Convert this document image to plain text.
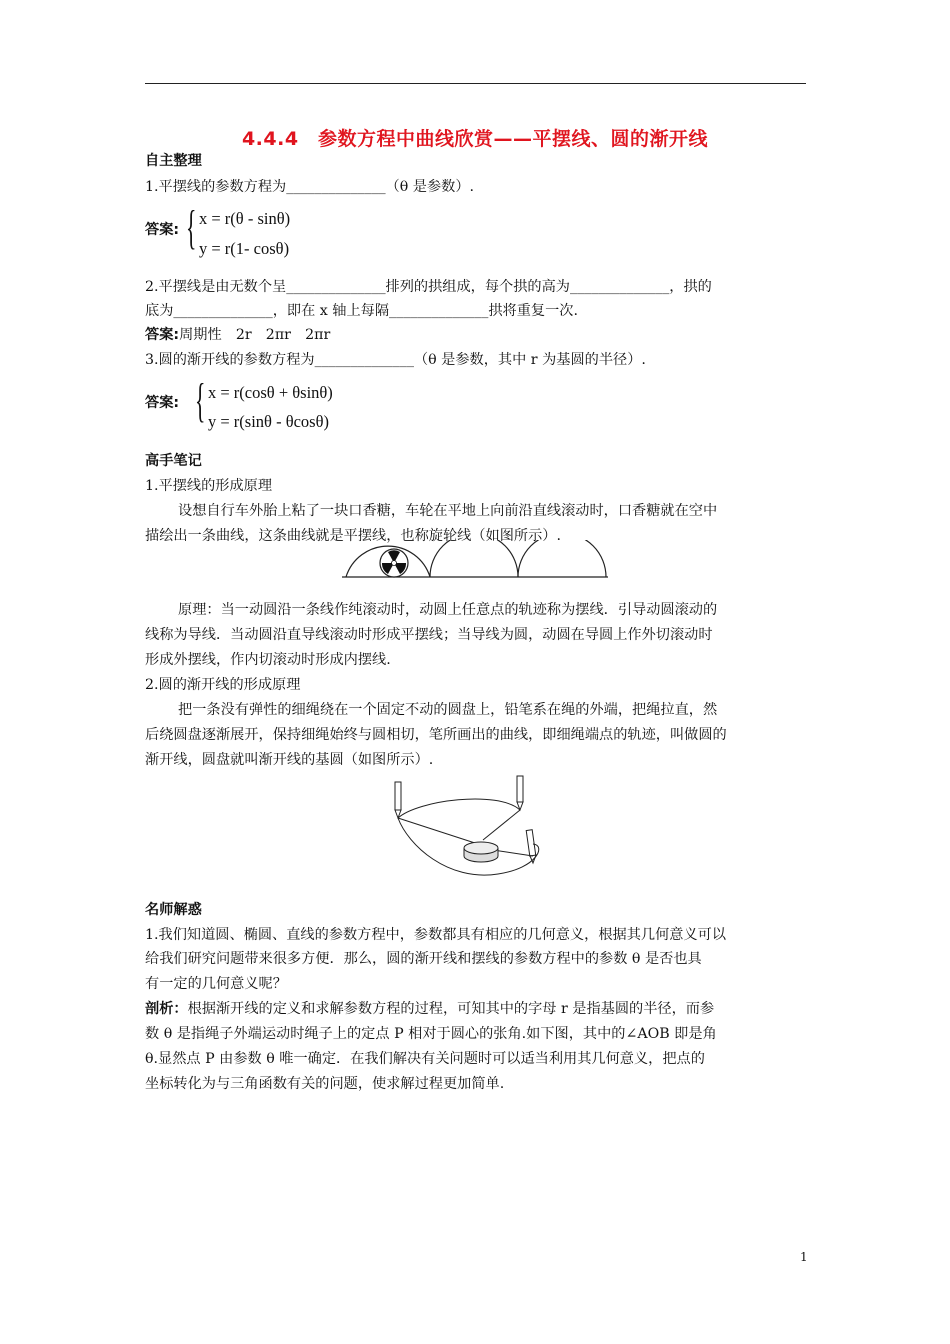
4.4.4　参数方程中曲线欣赏——平摆线、圆的渐开线
自主整理
1.平摆线的参数方程为______________（θ 是参数）.
答案: { x = r(θ - sinθ)
y = r(1- cosθ)
2.平摆线是由无数个呈______________排列的拱组成，每个拱的高为______________，拱的
底为______________，即在 x 轴上每隔______________拱将重复一次.
答案:周期性　2r　2πr　2πr
3.圆的渐开线的参数方程为______________（θ 是参数，其中 r 为基圆的半径）.
答案: { x = r(cosθ + θsinθ)
y = r(sinθ - θcosθ)
高手笔记
1.平摆线的形成原理
设想自行车外胎上粘了一块口香糖，车轮在平地上向前沿直线滚动时，口香糖就在空中
描绘出一条曲线，这条曲线就是平摆线，也称旋轮线（如图所示）.
原理：当一动圆沿一条线作纯滚动时，动圆上任意点的轨迹称为摆线．引导动圆滚动的
线称为导线．当动圆沿直导线滚动时形成平摆线；当导线为圆，动圆在导圆上作外切滚动时
形成外摆线，作内切滚动时形成内摆线.
2.圆的渐开线的形成原理
把一条没有弹性的细绳绕在一个固定不动的圆盘上，铅笔系在绳的外端，把绳拉直，然
后绕圆盘逐渐展开，保持细绳始终与圆相切，笔所画出的曲线，即细绳端点的轨迹，叫做圆的
渐开线，圆盘就叫渐开线的基圆（如图所示）.
名师解惑
1.我们知道圆、椭圆、直线的参数方程中，参数都具有相应的几何意义，根据其几何意义可以
给我们研究问题带来很多方便．那么，圆的渐开线和摆线的参数方程中的参数 θ 是否也具
有一定的几何意义呢？
剖析：根据渐开线的定义和求解参数方程的过程，可知其中的字母 r 是指基圆的半径，而参
数 θ 是指绳子外端运动时绳子上的定点 P 相对于圆心的张角.如下图，其中的∠AOB 即是角
θ.显然点 P 由参数 θ 唯一确定．在我们解决有关问题时可以适当利用其几何意义，把点的
坐标转化为与三角函数有关的问题，使求解过程更加简单.
1
